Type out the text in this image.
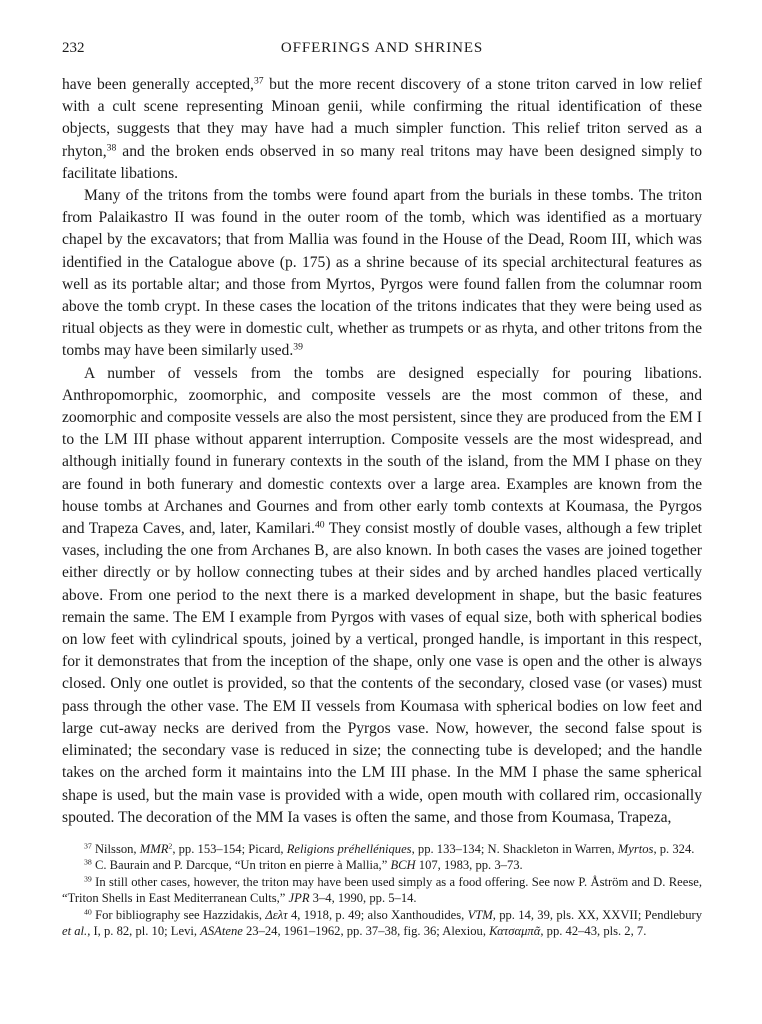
232	OFFERINGS AND SHRINES

have been generally accepted,$^{37}$ but the more recent discovery of a stone triton carved in low relief with a cult scene representing Minoan genii, while confirming the ritual identification of these objects, suggests that they may have had a much simpler function. This relief triton served as a rhyton,$^{38}$ and the broken ends observed in so many real tritons may have been designed simply to facilitate libations.

Many of the tritons from the tombs were found apart from the burials in these tombs. The triton from Palaikastro II was found in the outer room of the tomb, which was identified as a mortuary chapel by the excavators; that from Mallia was found in the House of the Dead, Room III, which was identified in the Catalogue above (p. 175) as a shrine because of its special architectural features as well as its portable altar; and those from Myrtos, Pyrgos were found fallen from the columnar room above the tomb crypt. In these cases the location of the tritons indicates that they were being used as ritual objects as they were in domestic cult, whether as trumpets or as rhyta, and other tritons from the tombs may have been similarly used.$^{39}$

A number of vessels from the tombs are designed especially for pouring libations. Anthropomorphic, zoomorphic, and composite vessels are the most common of these, and zoomorphic and composite vessels are also the most persistent, since they are produced from the EM I to the LM III phase without apparent interruption. Composite vessels are the most widespread, and although initially found in funerary contexts in the south of the island, from the MM I phase on they are found in both funerary and domestic contexts over a large area. Examples are known from the house tombs at Archanes and Gournes and from other early tomb contexts at Koumasa, the Pyrgos and Trapeza Caves, and, later, Kamilari.$^{40}$ They consist mostly of double vases, although a few triplet vases, including the one from Archanes B, are also known. In both cases the vases are joined together either directly or by hollow connecting tubes at their sides and by arched handles placed vertically above. From one period to the next there is a marked development in shape, but the basic features remain the same. The EM I example from Pyrgos with vases of equal size, both with spherical bodies on low feet with cylindrical spouts, joined by a vertical, pronged handle, is important in this respect, for it demonstrates that from the inception of the shape, only one vase is open and the other is always closed. Only one outlet is provided, so that the contents of the secondary, closed vase (or vases) must pass through the other vase. The EM II vessels from Koumasa with spherical bodies on low feet and large cut-away necks are derived from the Pyrgos vase. Now, however, the second false spout is eliminated; the secondary vase is reduced in size; the connecting tube is developed; and the handle takes on the arched form it maintains into the LM III phase. In the MM I phase the same spherical shape is used, but the main vase is provided with a wide, open mouth with collared rim, occasionally spouted. The decoration of the MM Ia vases is often the same, and those from Koumasa, Trapeza,

$^{37}$ Nilsson, MMR$^2$, pp. 153–154; Picard, Religions préhelléniques, pp. 133–134; N. Shackleton in Warren, Myrtos, p. 324.

$^{38}$ C. Baurain and P. Darcque, “Un triton en pierre à Mallia,” BCH 107, 1983, pp. 3–73.

$^{39}$ In still other cases, however, the triton may have been used simply as a food offering. See now P. Åström and D. Reese, “Triton Shells in East Mediterranean Cults,” JPR 3–4, 1990, pp. 5–14.

$^{40}$ For bibliography see Hazzidakis, Δελτ 4, 1918, p. 49; also Xanthoudides, VTM, pp. 14, 39, pls. XX, XXVII; Pendlebury et al., I, p. 82, pl. 10; Levi, ASAtene 23–24, 1961–1962, pp. 37–38, fig. 36; Alexiou, Κατσαμπᾶ, pp. 42–43, pls. 2, 7.
